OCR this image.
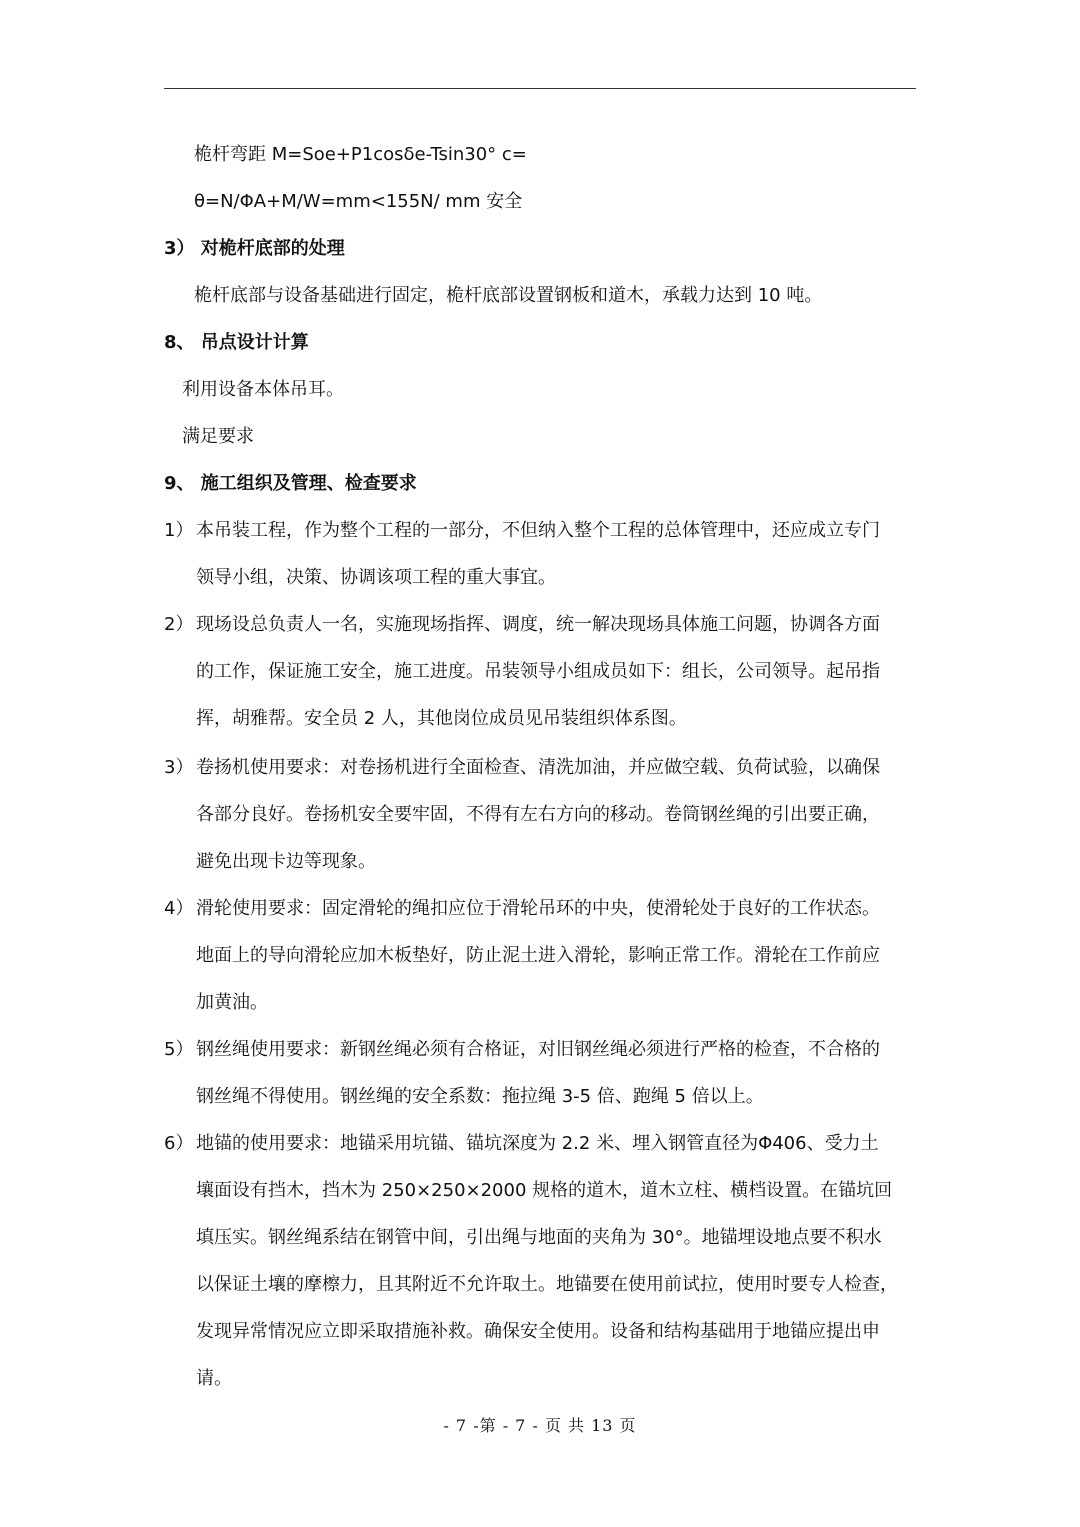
桅杆弯距 M=Soe+P1cosδe-Tsin30° c=
θ=N/ΦA+M/W=mm<155N/ mm 安全
3） 对桅杆底部的处理
桅杆底部与设备基础进行固定，桅杆底部设置钢板和道木，承载力达到 10 吨。
8、 吊点设计计算
利用设备本体吊耳。
满足要求
9、 施工组织及管理、检查要求
1） 本吊装工程，作为整个工程的一部分，不但纳入整个工程的总体管理中，还应成立专门
领导小组，决策、协调该项工程的重大事宜。
2） 现场设总负责人一名，实施现场指挥、调度，统一解决现场具体施工问题，协调各方面
的工作，保证施工安全，施工进度。吊装领导小组成员如下：组长，公司领导。起吊指
挥，胡雅帮。安全员 2 人，其他岗位成员见吊装组织体系图。
3） 卷扬机使用要求：对卷扬机进行全面检查、清洗加油，并应做空载、负荷试验，以确保
各部分良好。卷扬机安全要牢固，不得有左右方向的移动。卷筒钢丝绳的引出要正确，
避免出现卡边等现象。
4） 滑轮使用要求：固定滑轮的绳扣应位于滑轮吊环的中央，使滑轮处于良好的工作状态。
地面上的导向滑轮应加木板垫好，防止泥土进入滑轮，影响正常工作。滑轮在工作前应
加黄油。
5） 钢丝绳使用要求：新钢丝绳必须有合格证，对旧钢丝绳必须进行严格的检查，不合格的
钢丝绳不得使用。钢丝绳的安全系数：拖拉绳 3-5 倍、跑绳 5 倍以上。
6） 地锚的使用要求：地锚采用坑锚、锚坑深度为 2.2 米、埋入钢管直径为Φ406、受力土
壤面设有挡木，挡木为 250×250×2000 规格的道木，道木立柱、横档设置。在锚坑回
填压实。钢丝绳系结在钢管中间，引出绳与地面的夹角为 30°。地锚埋设地点要不积水
以保证土壤的摩檫力，且其附近不允许取土。地锚要在使用前试拉，使用时要专人检查，
发现异常情况应立即采取措施补救。确保安全使用。设备和结构基础用于地锚应提出申
请。
- 7 -第 - 7 - 页 共 13 页
